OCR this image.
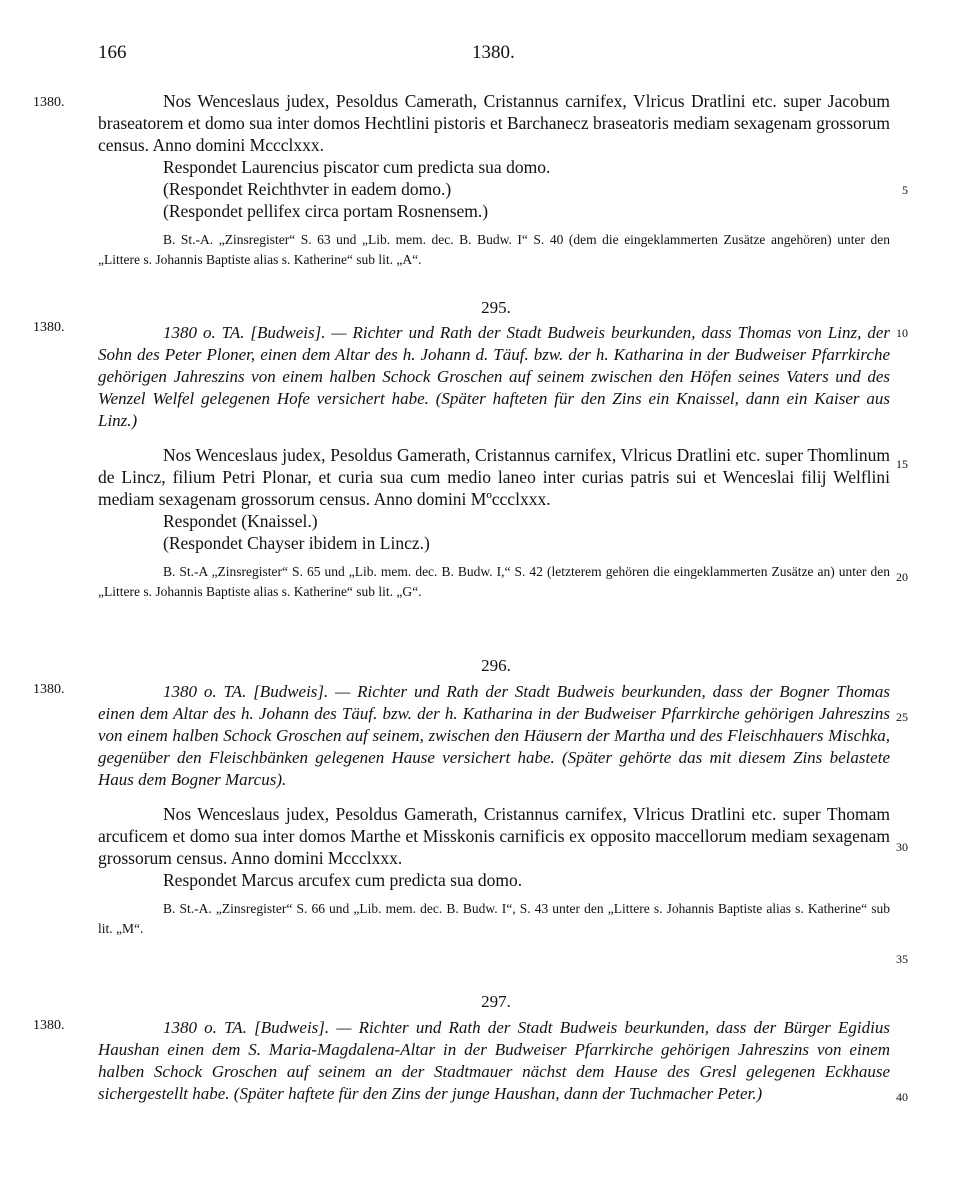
166	1380.
1380.
1380.
1380.
1380.
5
10
15
20
25
30
35
40

Nos Wenceslaus judex, Pesoldus Camerath, Cristannus carnifex, Vlricus Dratlini etc. super Jacobum braseatorem et domo sua inter domos Hechtlini pistoris et Barchanecz braseatoris mediam sexagenam grossorum census. Anno domini Mccclxxx.

Respondet Laurencius piscator cum predicta sua domo.

(Respondet Reichthvter in eadem domo.)

(Respondet pellifex circa portam Rosnensem.)

B. St.-A. „Zinsregister“ S. 63 und „Lib. mem. dec. B. Budw. I“ S. 40 (dem die eingeklammerten Zusätze angehören) unter den „Littere s. Johannis Baptiste alias s. Katherine“ sub lit. „A“.

295.

1380 o. TA. [Budweis]. — Richter und Rath der Stadt Budweis beurkunden, dass Thomas von Linz, der Sohn des Peter Ploner, einen dem Altar des h. Johann d. Täuf. bzw. der h. Katharina in der Budweiser Pfarrkirche gehörigen Jahreszins von einem halben Schock Groschen auf seinem zwischen den Höfen seines Vaters und des Wenzel Welfel gelegenen Hofe versichert habe. (Später hafteten für den Zins ein Knaissel, dann ein Kaiser aus Linz.)

Nos Wenceslaus judex, Pesoldus Gamerath, Cristannus carnifex, Vlricus Dratlini etc. super Thomlinum de Lincz, filium Petri Plonar, et curia sua cum medio laneo inter curias patris sui et Wenceslai filij Welflini mediam sexagenam grossorum census. Anno domini Mºccclxxx.

Respondet (Knaissel.)

(Respondet Chayser ibidem in Lincz.)

B. St.-A „Zinsregister“ S. 65 und „Lib. mem. dec. B. Budw. I,“ S. 42 (letzterem gehören die eingeklammerten Zusätze an) unter den „Littere s. Johannis Baptiste alias s. Katherine“ sub lit. „G“.

296.

1380 o. TA. [Budweis]. — Richter und Rath der Stadt Budweis beurkunden, dass der Bogner Thomas einen dem Altar des h. Johann des Täuf. bzw. der h. Katharina in der Budweiser Pfarrkirche gehörigen Jahreszins von einem halben Schock Groschen auf seinem, zwischen den Häusern der Martha und des Fleischhauers Mischka, gegenüber den Fleischbänken gelegenen Hause versichert habe. (Später gehörte das mit diesem Zins belastete Haus dem Bogner Marcus).

Nos Wenceslaus judex, Pesoldus Gamerath, Cristannus carnifex, Vlricus Dratlini etc. super Thomam arcuficem et domo sua inter domos Marthe et Misskonis carnificis ex opposito maccellorum mediam sexagenam grossorum census. Anno domini Mccclxxx.

Respondet Marcus arcufex cum predicta sua domo.

B. St.-A. „Zinsregister“ S. 66 und „Lib. mem. dec. B. Budw. I“, S. 43 unter den „Littere s. Johannis Baptiste alias s. Katherine“ sub lit. „M“.

297.

1380 o. TA. [Budweis]. — Richter und Rath der Stadt Budweis beurkunden, dass der Bürger Egidius Haushan einen dem S. Maria-Magdalena-Altar in der Budweiser Pfarrkirche gehörigen Jahreszins von einem halben Schock Groschen auf seinem an der Stadtmauer nächst dem Hause des Gresl gelegenen Eckhause sichergestellt habe. (Später haftete für den Zins der junge Haushan, dann der Tuchmacher Peter.)
